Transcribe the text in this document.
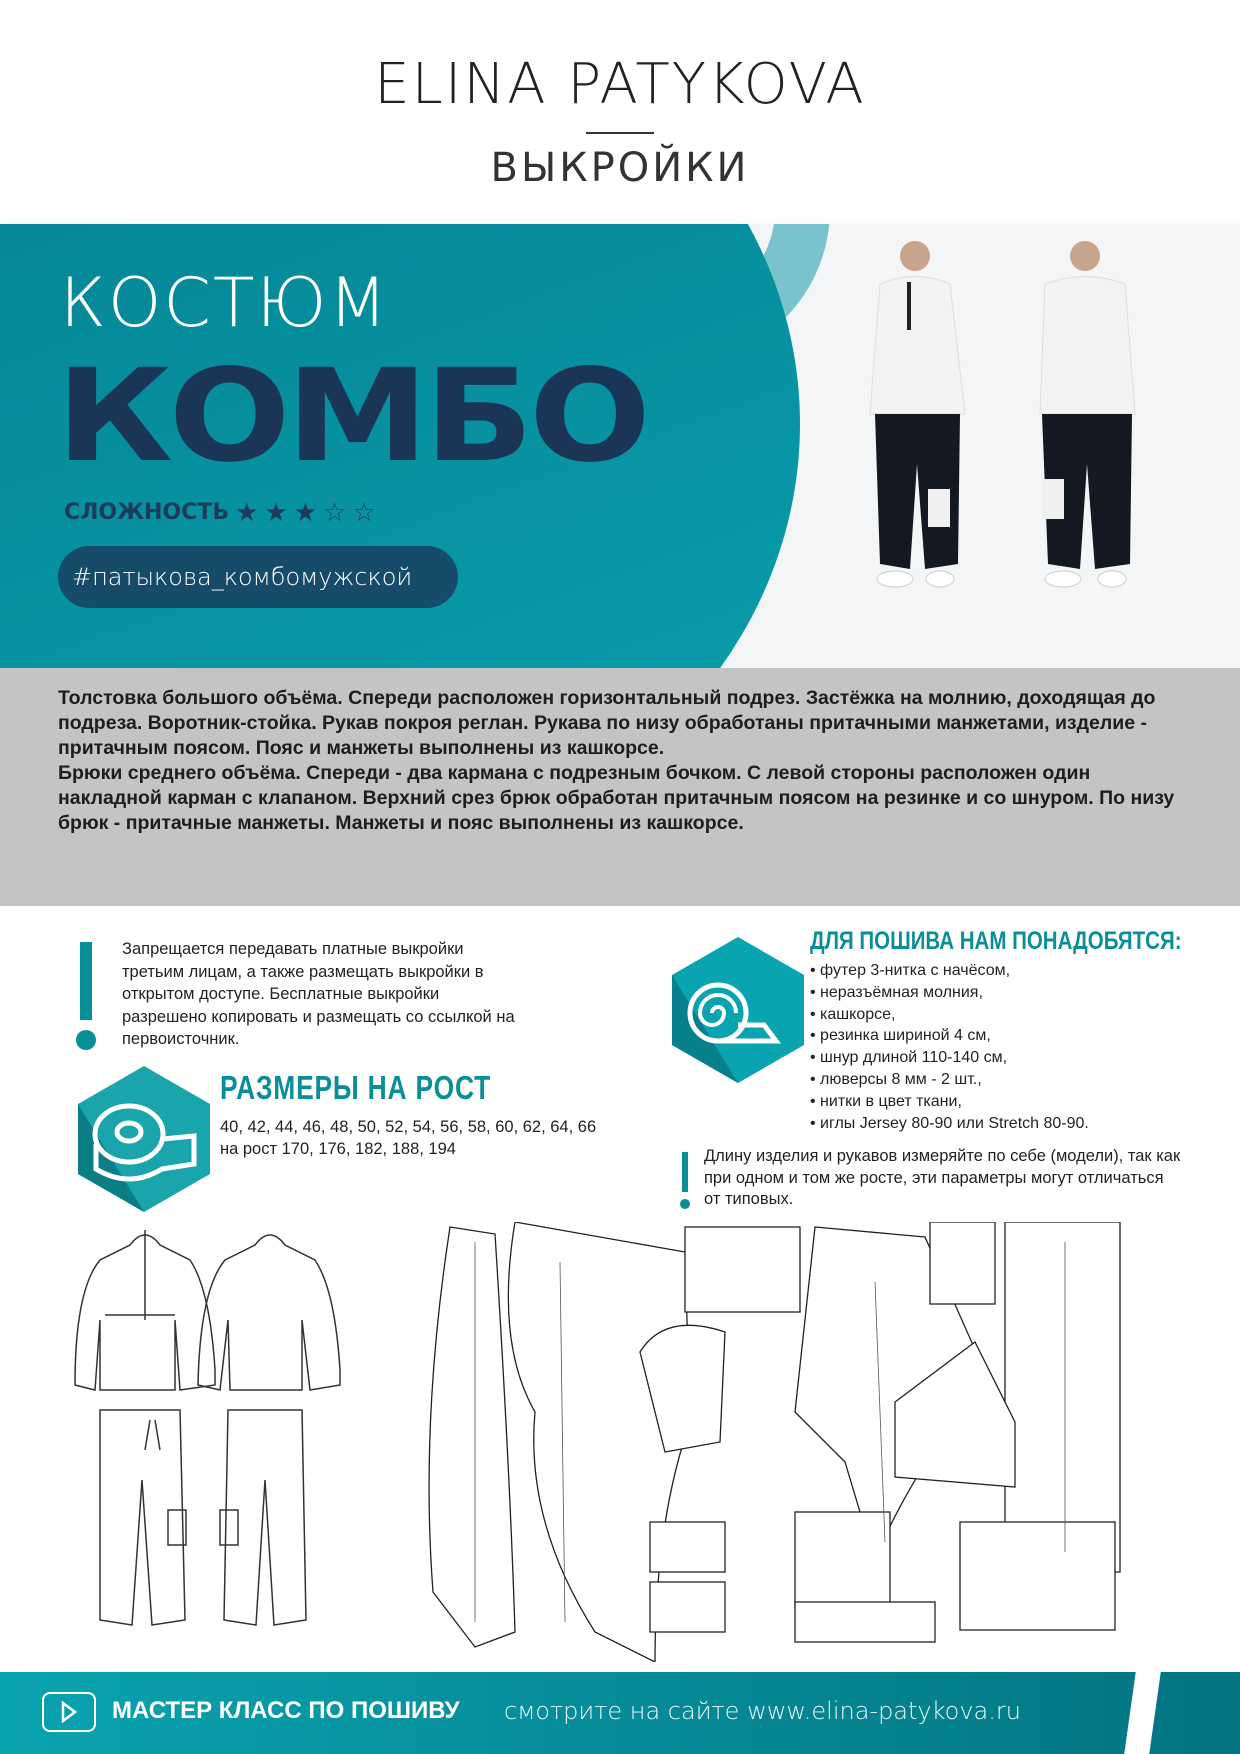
ELINA PATYKOVA
ВЫКРОЙКИ
КОСТЮМ
КОМБО
СЛОЖНОСТЬ ★ ★ ★ ☆ ☆
#патыкова_комбомужской

Толстовка большого объёма. Спереди расположен горизонтальный подрез. Застёжка на молнию, доходящая до подреза. Воротник-стойка. Рукав покроя реглан. Рукава по низу обработаны притачными манжетами, изделие - притачным поясом. Пояс и манжеты выполнены из кашкорсе.

Брюки среднего объёма. Спереди - два кармана с подрезным бочком. С левой стороны расположен один накладной карман с клапаном. Верхний срез брюк обработан притачным поясом на резинке и со шнуром. По низу брюк - притачные манжеты. Манжеты и пояс выполнены из кашкорсе.

Запрещается передавать платные выкройки третьим лицам, а также размещать выкройки в открытом доступе. Бесплатные выкройки разрешено копировать и размещать со ссылкой на первоисточник.
ДЛЯ ПОШИВА НАМ ПОНАДОБЯТСЯ:
• футер 3-нитка с начёсом,
• неразъёмная молния,
• кашкорсе,
• резинка шириной 4 см,
• шнур длиной 110-140 см,
• люверсы 8 мм - 2 шт.,
• нитки в цвет ткани,
• иглы Jersey 80-90 или Stretch 80-90.
РАЗМЕРЫ НА РОСТ
40, 42, 44, 46, 48, 50, 52, 54, 56, 58, 60, 62, 64, 66
на рост 170, 176, 182, 188, 194	Длину изделия и рукавов измеряйте по себе (модели), так как при одном и том же росте, эти параметры могут отличаться от типовых.
МАСТЕР КЛАСС ПО ПОШИВУ смотрите на сайте www.elina-patykova.ru
